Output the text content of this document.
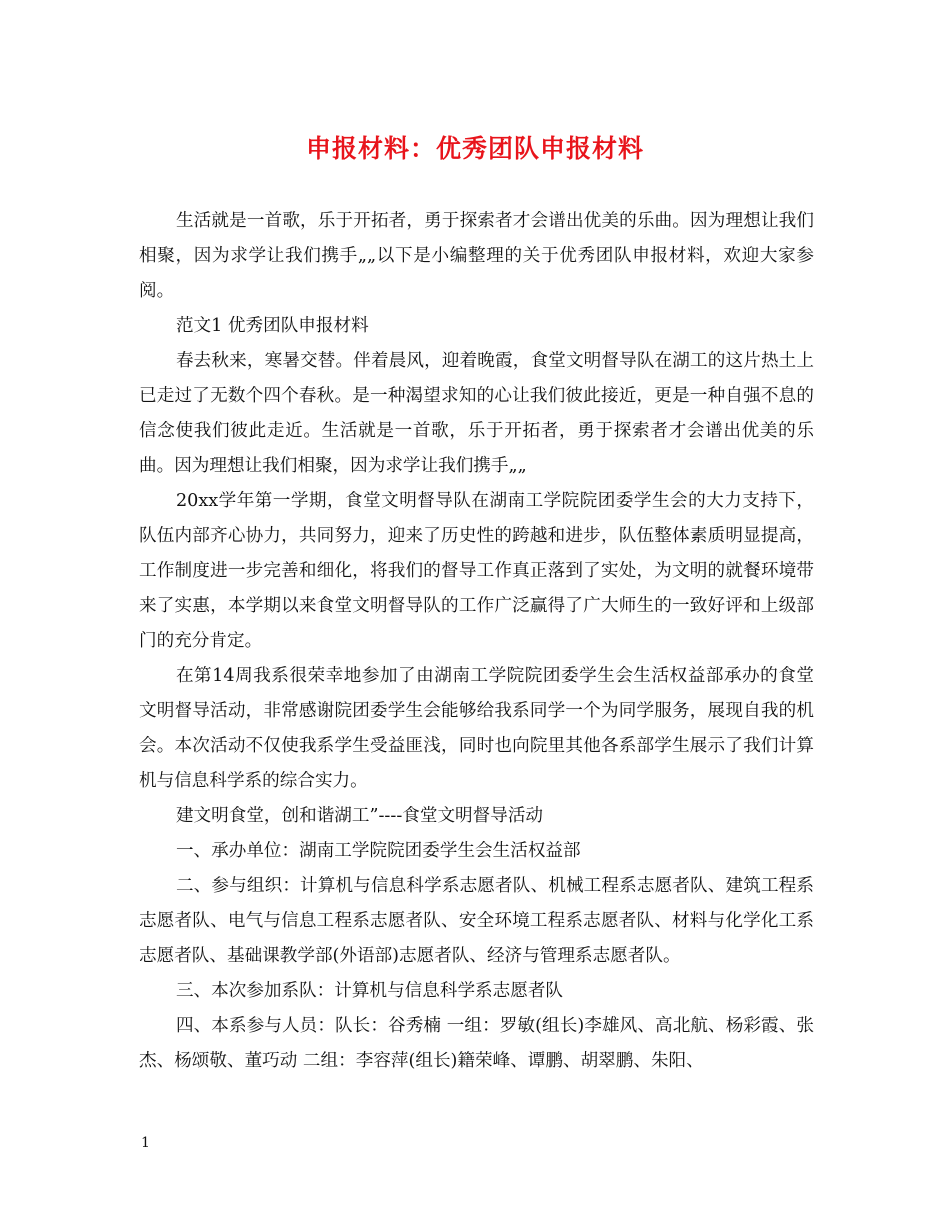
申报材料：优秀团队申报材料

生活就是一首歌，乐于开拓者，勇于探索者才会谱出优美的乐曲。因为理想让我们相聚，因为求学让我们携手„„以下是小编整理的关于优秀团队申报材料，欢迎大家参阅。

范文1 优秀团队申报材料

春去秋来，寒暑交替。伴着晨风，迎着晚霞，食堂文明督导队在湖工的这片热土上已走过了无数个四个春秋。是一种渴望求知的心让我们彼此接近，更是一种自强不息的信念使我们彼此走近。生活就是一首歌，乐于开拓者，勇于探索者才会谱出优美的乐曲。因为理想让我们相聚，因为求学让我们携手„„

20xx学年第一学期，食堂文明督导队在湖南工学院院团委学生会的大力支持下，队伍内部齐心协力，共同努力，迎来了历史性的跨越和进步，队伍整体素质明显提高，工作制度进一步完善和细化，将我们的督导工作真正落到了实处，为文明的就餐环境带来了实惠，本学期以来食堂文明督导队的工作广泛赢得了广大师生的一致好评和上级部门的充分肯定。

在第14周我系很荣幸地参加了由湖南工学院院团委学生会生活权益部承办的食堂文明督导活动，非常感谢院团委学生会能够给我系同学一个为同学服务，展现自我的机会。本次活动不仅使我系学生受益匪浅，同时也向院里其他各系部学生展示了我们计算机与信息科学系的综合实力。

建文明食堂，创和谐湖工”----食堂文明督导活动

一、承办单位：湖南工学院院团委学生会生活权益部

二、参与组织：计算机与信息科学系志愿者队、机械工程系志愿者队、建筑工程系志愿者队、电气与信息工程系志愿者队、安全环境工程系志愿者队、材料与化学化工系志愿者队、基础课教学部(外语部)志愿者队、经济与管理系志愿者队。

三、本次参加系队：计算机与信息科学系志愿者队

四、本系参与人员：队长：谷秀楠 一组：罗敏(组长)李雄风、高北航、杨彩霞、张杰、杨颂敬、董巧动 二组：李容萍(组长)籍荣峰、谭鹏、胡翠鹏、朱阳、

1
